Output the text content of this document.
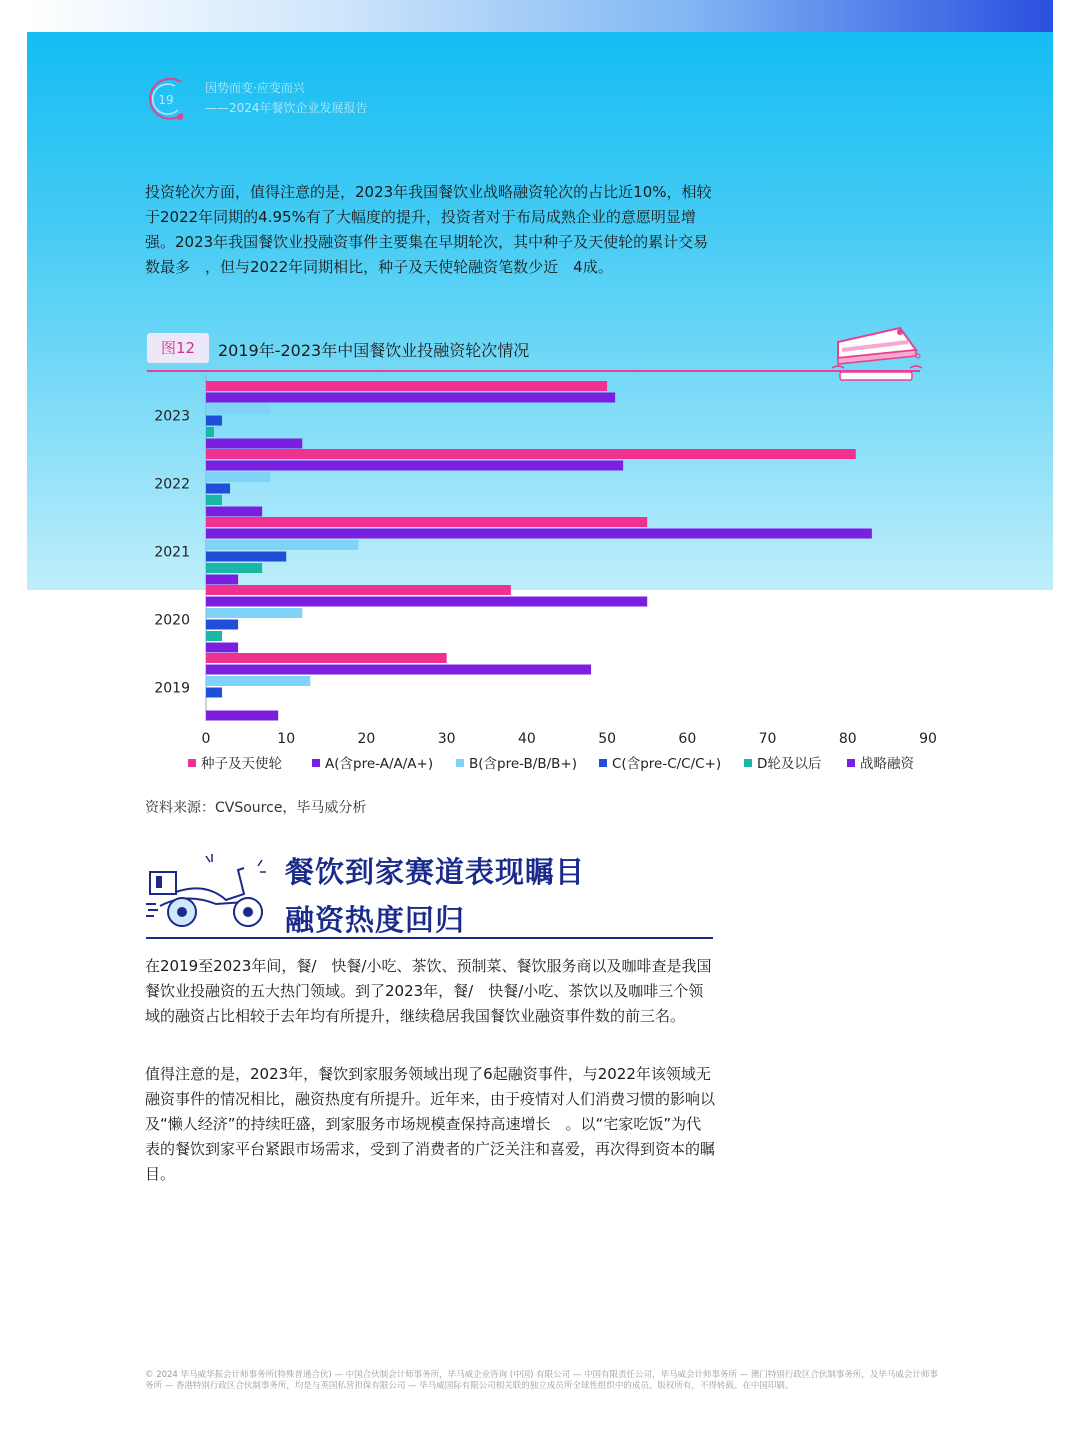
19
因势而变·应变而兴
——2024年餐饮企业发展报告

投资轮次方面，值得注意的是，2023年我国餐饮业战略融资轮次的占比近10%，相较于2022年同期的4.95%有了大幅度的提升，投资者对于布局成熟企业的意愿明显增强。2023年我国餐饮业投融资事件主要集在早期轮次，其中种子及天使轮的累计交易数最多　，但与2022年同期相比，种子及天使轮融资笔数少近　4成。

图12	2019年-2023年中国餐饮业投融资轮次情况
2023
2022
2021
2020
2019
0	10	20	30	40	50	60	70	80	90
种子及天使轮	A(含pre-A/A/A+)	B(含pre-B/B/B+)	C(含pre-C/C/C+)	D轮及以后	战略融资
资料来源：CVSource，毕马威分析
餐饮到家赛道表现瞩目
融资热度回归

在2019至2023年间，餐/　快餐/小吃、茶饮、预制菜、餐饮服务商以及咖啡查是我国餐饮业投融资的五大热门领域。到了2023年，餐/　快餐/小吃、茶饮以及咖啡三个领域的融资占比相较于去年均有所提升，继续稳居我国餐饮业融资事件数的前三名。

值得注意的是，2023年，餐饮到家服务领域出现了6起融资事件，与2022年该领域无融资事件的情况相比，融资热度有所提升。近年来，由于疫情对人们消费习惯的影响以及“懒人经济”的持续旺盛，到家服务市场规模查保持高速增长　。以“宅家吃饭”为代表的餐饮到家平台紧跟市场需求，受到了消费者的广泛关注和喜爱，再次得到资本的瞩目。

© 2024 毕马威华振会计师事务所(特殊普通合伙) — 中国合伙制会计师事务所，毕马威企业咨询 (中国) 有限公司 — 中国有限责任公司，毕马威会计师事务所 — 澳门特别行政区合伙制事务所，及毕马威会计师事务所 — 香港特别行政区合伙制事务所，均是与英国私营担保有限公司 — 毕马威国际有限公司相关联的独立成员所全球性组织中的成员。版权所有，不得转载。在中国印刷。
